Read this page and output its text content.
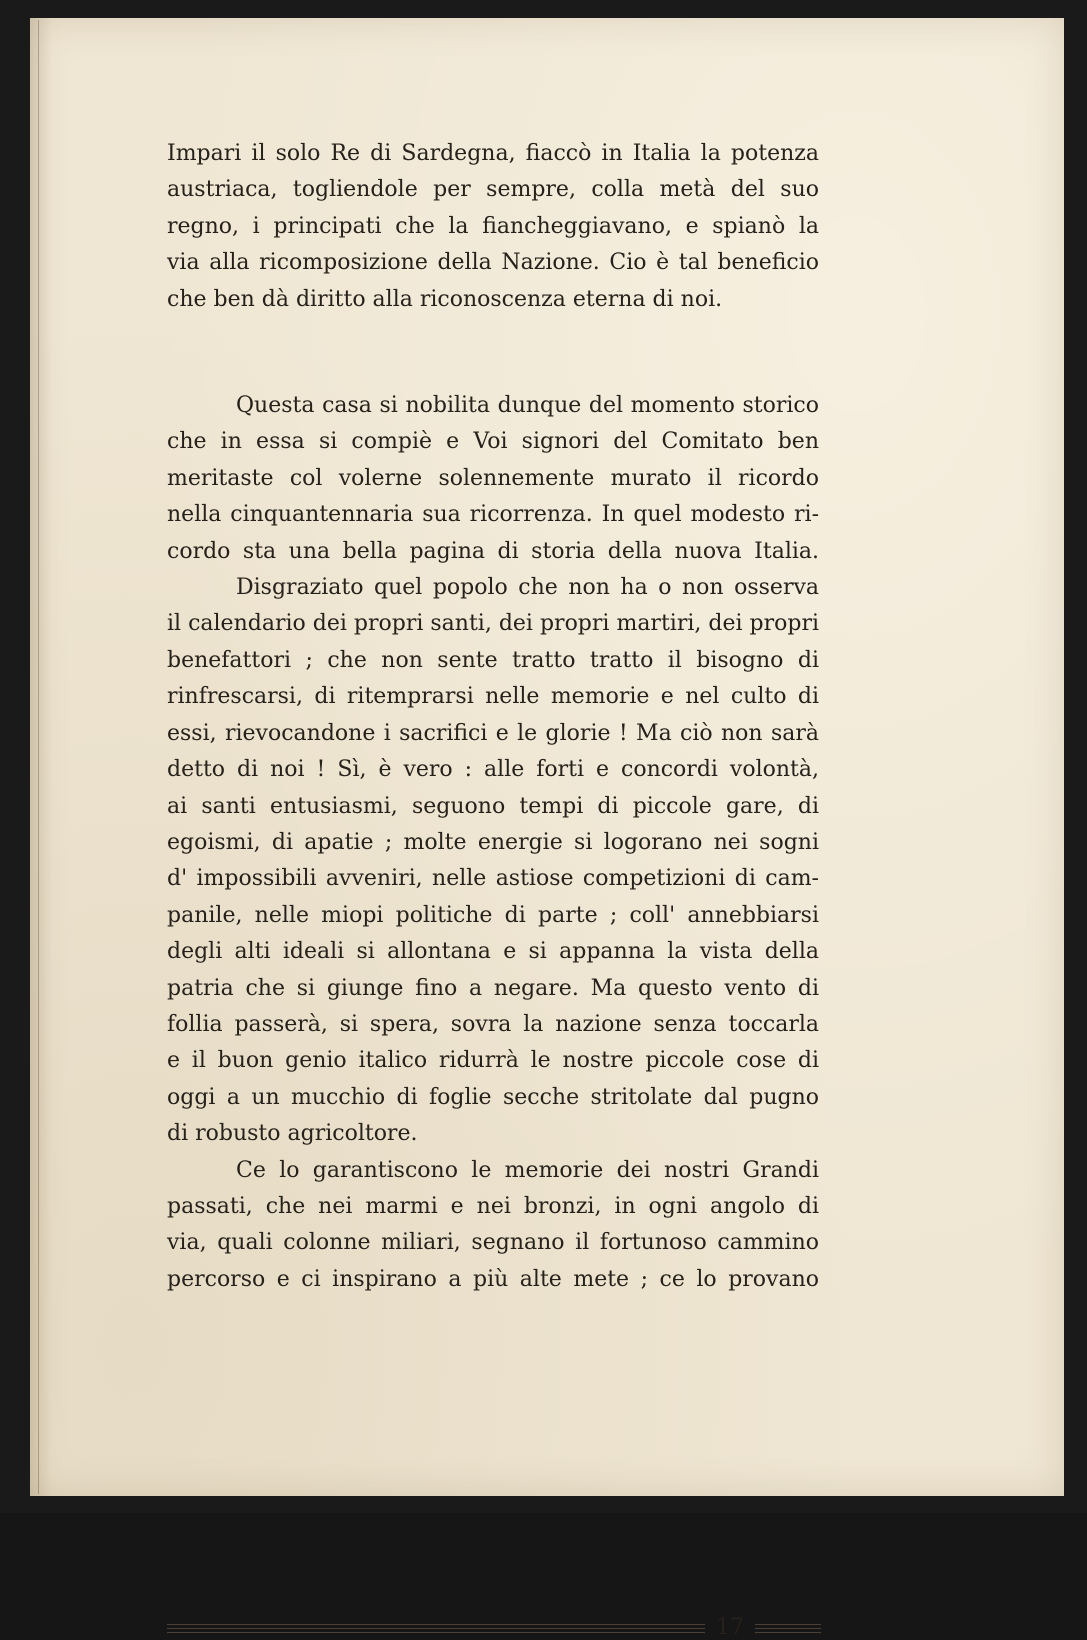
Impari il solo Re di Sardegna, fiaccò in Italia la potenza
austriaca, togliendole per sempre, colla metà del suo
regno, i principati che la fiancheggiavano, e spianò la
via alla ricomposizione della Nazione. Cio è tal beneficio
che ben dà diritto alla riconoscenza eterna di noi.

Questa casa si nobilita dunque del momento storico
che in essa si compiè e Voi signori del Comitato ben
meritaste col volerne solennemente murato il ricordo
nella cinquantennaria sua ricorrenza. In quel modesto ri-
cordo sta una bella pagina di storia della nuova Italia.

Disgraziato quel popolo che non ha o non osserva
il calendario dei propri santi, dei propri martiri, dei propri
benefattori ; che non sente tratto tratto il bisogno di
rinfrescarsi, di ritemprarsi nelle memorie e nel culto di
essi, rievocandone i sacrifici e le glorie ! Ma ciò non sarà
detto di noi ! Sì, è vero : alle forti e concordi volontà,
ai santi entusiasmi, seguono tempi di piccole gare, di
egoismi, di apatie ; molte energie si logorano nei sogni
d' impossibili avveniri, nelle astiose competizioni di cam-
panile, nelle miopi politiche di parte ; coll' annebbiarsi
degli alti ideali si allontana e si appanna la vista della
patria che si giunge fino a negare. Ma questo vento di
follia passerà, si spera, sovra la nazione senza toccarla
e il buon genio italico ridurrà le nostre piccole cose di
oggi a un mucchio di foglie secche stritolate dal pugno
di robusto agricoltore.

Ce lo garantiscono le memorie dei nostri Grandi
passati, che nei marmi e nei bronzi, in ogni angolo di
via, quali colonne miliari, segnano il fortunoso cammino
percorso e ci inspirano a più alte mete ; ce lo provano

17
